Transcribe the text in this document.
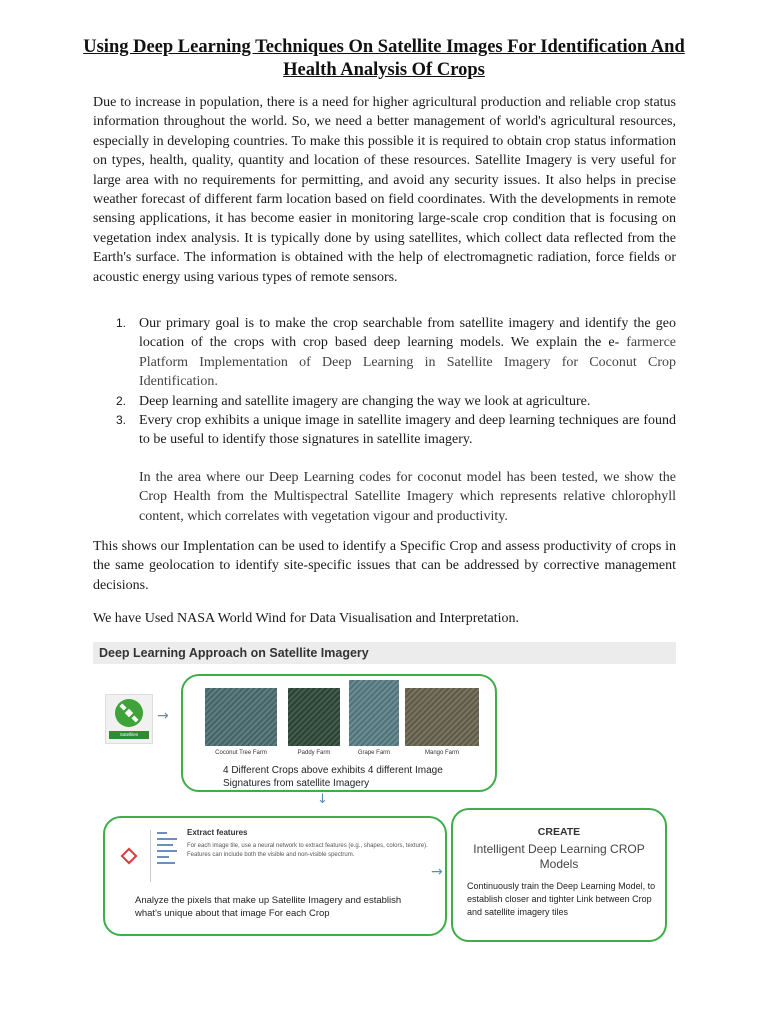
Using Deep Learning Techniques On Satellite Images For Identification And Health Analysis Of Crops

Due to increase in population, there is a need for higher agricultural production and reliable crop status information throughout the world. So, we need a better management of world's agricultural resources, especially in developing countries. To make this possible it is required to obtain crop status information on types, health, quality, quantity and location of these resources. Satellite Imagery is very useful for large area with no requirements for permitting, and avoid any security issues. It also helps in precise weather forecast of different farm location based on field coordinates. With the developments in remote sensing applications, it has become easier in monitoring large-scale crop condition that is focusing on vegetation index analysis. It is typically done by using satellites, which collect data reflected from the Earth's surface. The information is obtained with the help of electromagnetic radiation, force fields or acoustic energy using various types of remote sensors.

1. Our primary goal is to make the crop searchable from satellite imagery and identify the geo location of the crops with crop based deep learning models. We explain the e- farmerce Platform Implementation of Deep Learning in Satellite Imagery for Coconut Crop Identification.
2. Deep learning and satellite imagery are changing the way we look at agriculture.
3. Every crop exhibits a unique image in satellite imagery and deep learning techniques are found to be useful to identify those signatures in satellite imagery.

In the area where our Deep Learning codes for coconut model has been tested, we show the Crop Health from the Multispectral Satellite Imagery which represents relative chlorophyll content, which correlates with vegetation vigour and productivity.

This shows our Implentation can be used to identify a Specific Crop and assess productivity of crops in the same geolocation to identify site-specific issues that can be addressed by corrective management decisions.

We have Used NASA World Wind for Data Visualisation and Interpretation.

Deep Learning Approach on Satellite Imagery
Satellites
→
Coconut Tree Farm	Paddy Farm	Grape Farm	Mango Farm
4 Different Crops above exhibits 4 different Image Signatures from satellite Imagery
↓
Extract features
For each image tile, use a neural network to extract features (e.g., shapes, colors, texture). Features can include both the visible and non-visible spectrum.
Analyze the pixels that make up Satellite Imagery and establish what's unique about that image For each Crop
→
CREATE
Intelligent Deep Learning CROP Models
Continuously train the Deep Learning Model, to establish closer and tighter Link between Crop and satellite imagery tiles
